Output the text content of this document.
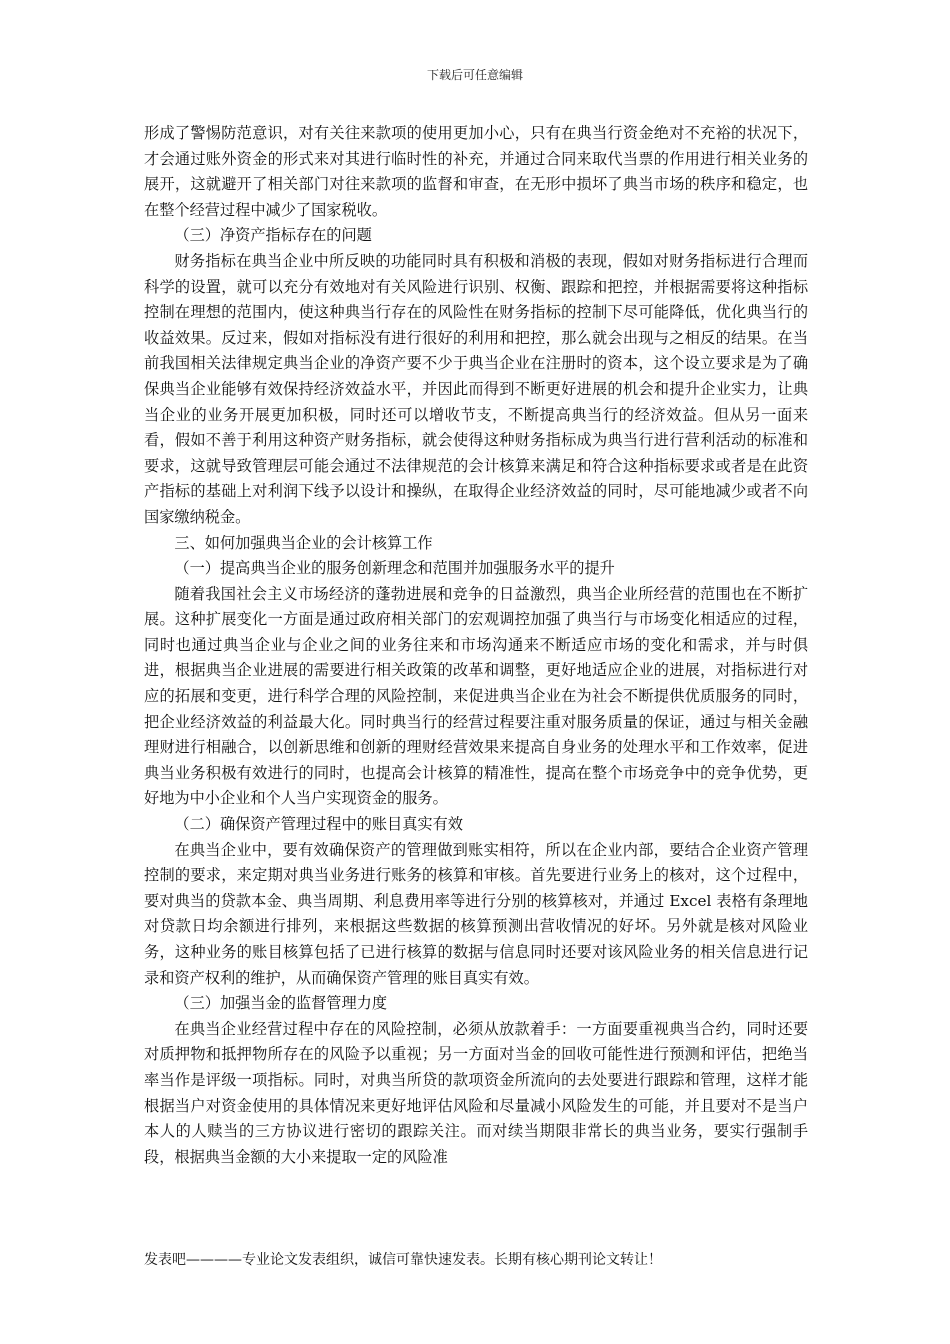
下载后可任意编辑

形成了警惕防范意识，对有关往来款项的使用更加小心，只有在典当行资金绝对不充裕的状况下，才会通过账外资金的形式来对其进行临时性的补充，并通过合同来取代当票的作用进行相关业务的展开，这就避开了相关部门对往来款项的监督和审查，在无形中损坏了典当市场的秩序和稳定，也在整个经营过程中减少了国家税收。

（三）净资产指标存在的问题

财务指标在典当企业中所反映的功能同时具有积极和消极的表现，假如对财务指标进行合理而科学的设置，就可以充分有效地对有关风险进行识别、权衡、跟踪和把控，并根据需要将这种指标控制在理想的范围内，使这种典当行存在的风险性在财务指标的控制下尽可能降低，优化典当行的收益效果。反过来，假如对指标没有进行很好的利用和把控，那么就会出现与之相反的结果。在当前我国相关法律规定典当企业的净资产要不少于典当企业在注册时的资本，这个设立要求是为了确保典当企业能够有效保持经济效益水平，并因此而得到不断更好进展的机会和提升企业实力，让典当企业的业务开展更加积极，同时还可以增收节支，不断提高典当行的经济效益。但从另一面来看，假如不善于利用这种资产财务指标，就会使得这种财务指标成为典当行进行营利活动的标准和要求，这就导致管理层可能会通过不法律规范的会计核算来满足和符合这种指标要求或者是在此资产指标的基础上对利润下线予以设计和操纵，在取得企业经济效益的同时，尽可能地减少或者不向国家缴纳税金。

三、如何加强典当企业的会计核算工作

（一）提高典当企业的服务创新理念和范围并加强服务水平的提升

随着我国社会主义市场经济的蓬勃进展和竞争的日益激烈，典当企业所经营的范围也在不断扩展。这种扩展变化一方面是通过政府相关部门的宏观调控加强了典当行与市场变化相适应的过程，同时也通过典当企业与企业之间的业务往来和市场沟通来不断适应市场的变化和需求，并与时俱进，根据典当企业进展的需要进行相关政策的改革和调整，更好地适应企业的进展，对指标进行对应的拓展和变更，进行科学合理的风险控制，来促进典当企业在为社会不断提供优质服务的同时，把企业经济效益的利益最大化。同时典当行的经营过程要注重对服务质量的保证，通过与相关金融理财进行相融合，以创新思维和创新的理财经营效果来提高自身业务的处理水平和工作效率，促进典当业务积极有效进行的同时，也提高会计核算的精准性，提高在整个市场竞争中的竞争优势，更好地为中小企业和个人当户实现资金的服务。

（二）确保资产管理过程中的账目真实有效

在典当企业中，要有效确保资产的管理做到账实相符，所以在企业内部，要结合企业资产管理控制的要求，来定期对典当业务进行账务的核算和审核。首先要进行业务上的核对，这个过程中，要对典当的贷款本金、典当周期、利息费用率等进行分别的核算核对，并通过 Excel 表格有条理地对贷款日均余额进行排列，来根据这些数据的核算预测出营收情况的好坏。另外就是核对风险业务，这种业务的账目核算包括了已进行核算的数据与信息同时还要对该风险业务的相关信息进行记录和资产权利的维护，从而确保资产管理的账目真实有效。

（三）加强当金的监督管理力度

在典当企业经营过程中存在的风险控制，必须从放款着手：一方面要重视典当合约，同时还要对质押物和抵押物所存在的风险予以重视；另一方面对当金的回收可能性进行预测和评估，把绝当率当作是评级一项指标。同时，对典当所贷的款项资金所流向的去处要进行跟踪和管理，这样才能根据当户对资金使用的具体情况来更好地评估风险和尽量减小风险发生的可能，并且要对不是当户本人的人赎当的三方协议进行密切的跟踪关注。而对续当期限非常长的典当业务，要实行强制手段，根据典当金额的大小来提取一定的风险准

发表吧————专业论文发表组织，诚信可靠快速发表。长期有核心期刊论文转让！
